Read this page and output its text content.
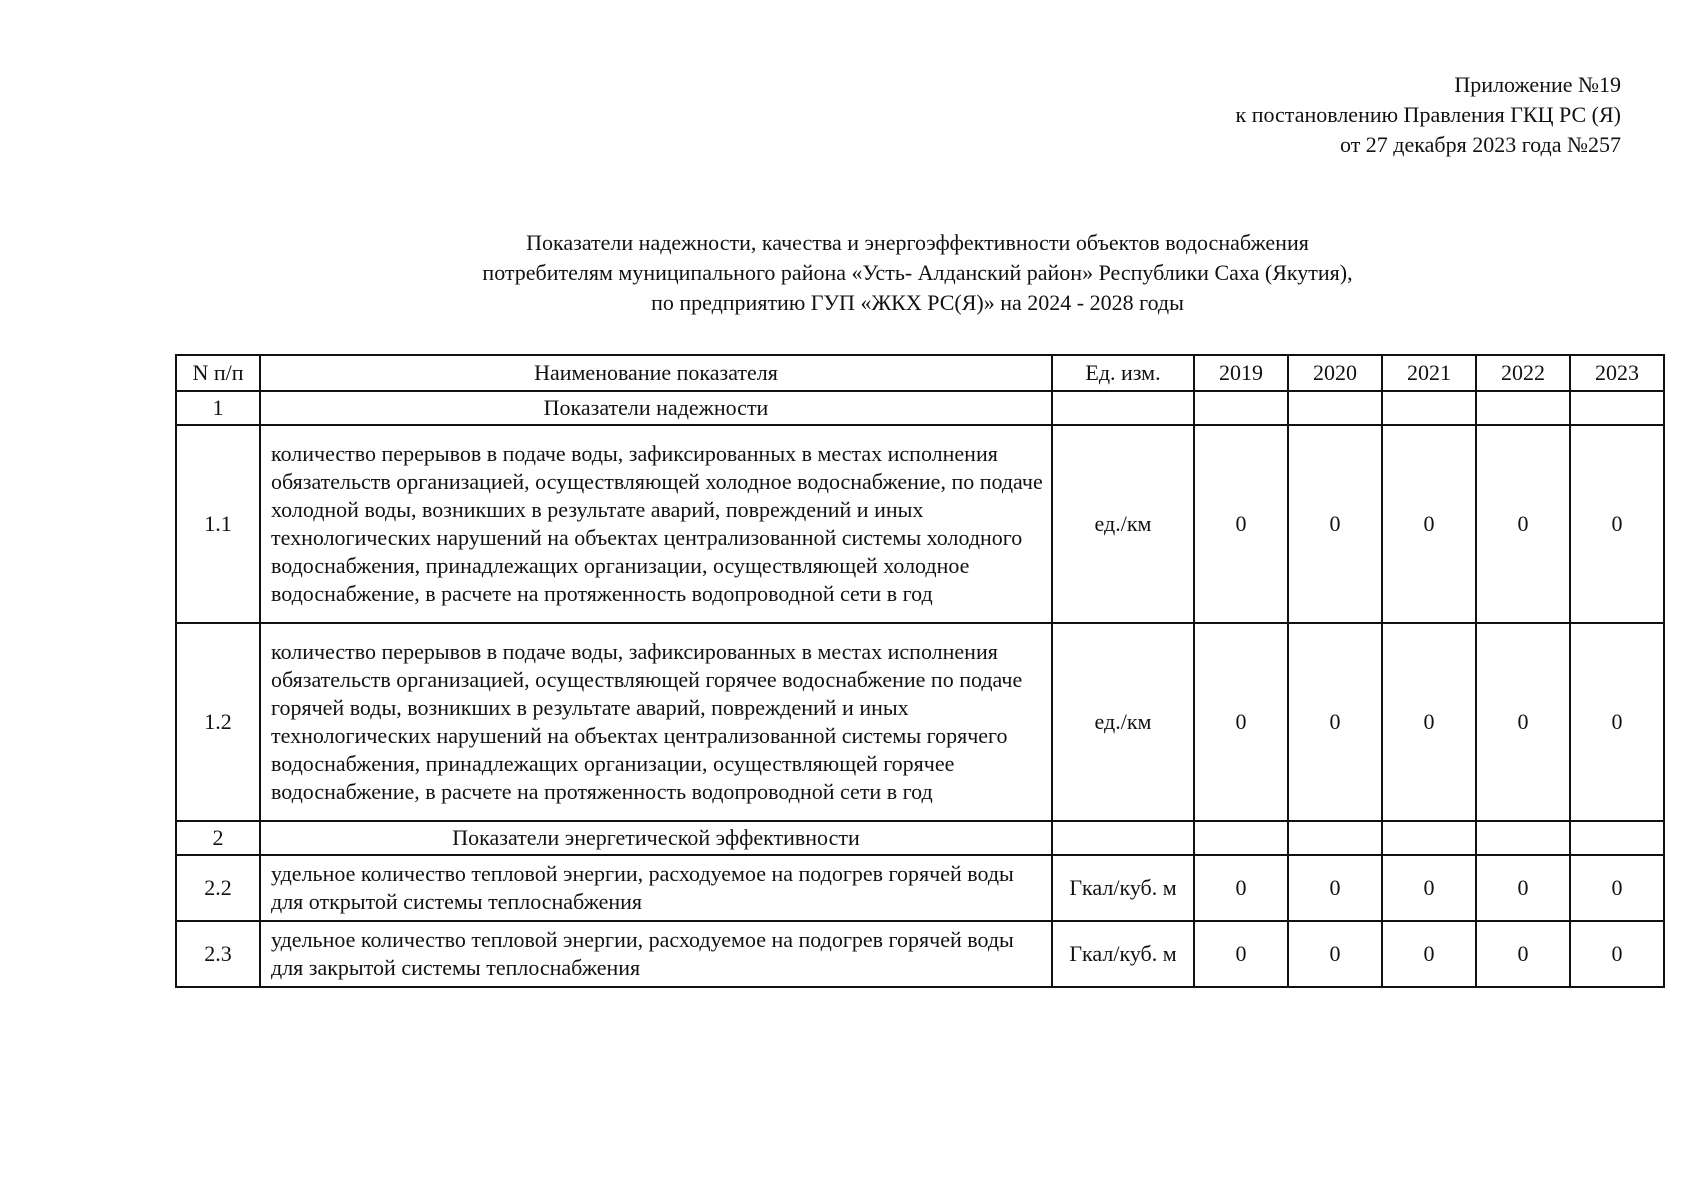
Приложение №19
к постановлению Правления ГКЦ РС (Я)
от 27 декабря 2023 года №257
Показатели надежности, качества и энергоэффективности объектов водоснабжения
потребителям муниципального района «Усть- Алданский район» Республики Саха (Якутия),
по предприятию ГУП «ЖКХ РС(Я)» на 2024 - 2028 годы
N п/п	Наименование показателя	Ед. изм.	2019	2020	2021	2022	2023
1	Показатели надежности						
1.1	количество перерывов в подаче воды, зафиксированных в местах исполнения обязательств организацией, осуществляющей холодное водоснабжение, по подаче холодной воды, возникших в результате аварий, повреждений и иных технологических нарушений на объектах централизованной системы холодного водоснабжения, принадлежащих организации, осуществляющей холодное водоснабжение, в расчете на протяженность водопроводной сети в год	ед./км	0	0	0	0	0
1.2	количество перерывов в подаче воды, зафиксированных в местах исполнения обязательств организацией, осуществляющей горячее водоснабжение по подаче горячей воды, возникших в результате аварий, повреждений и иных технологических нарушений на объектах централизованной системы горячего водоснабжения, принадлежащих организации, осуществляющей горячее водоснабжение, в расчете на протяженность водопроводной сети в год	ед./км	0	0	0	0	0
2	Показатели энергетической эффективности						
2.2	удельное количество тепловой энергии, расходуемое на подогрев горячей воды для открытой системы теплоснабжения	Гкал/куб. м	0	0	0	0	0
2.3	удельное количество тепловой энергии, расходуемое на подогрев горячей воды для закрытой системы теплоснабжения	Гкал/куб. м	0	0	0	0	0
